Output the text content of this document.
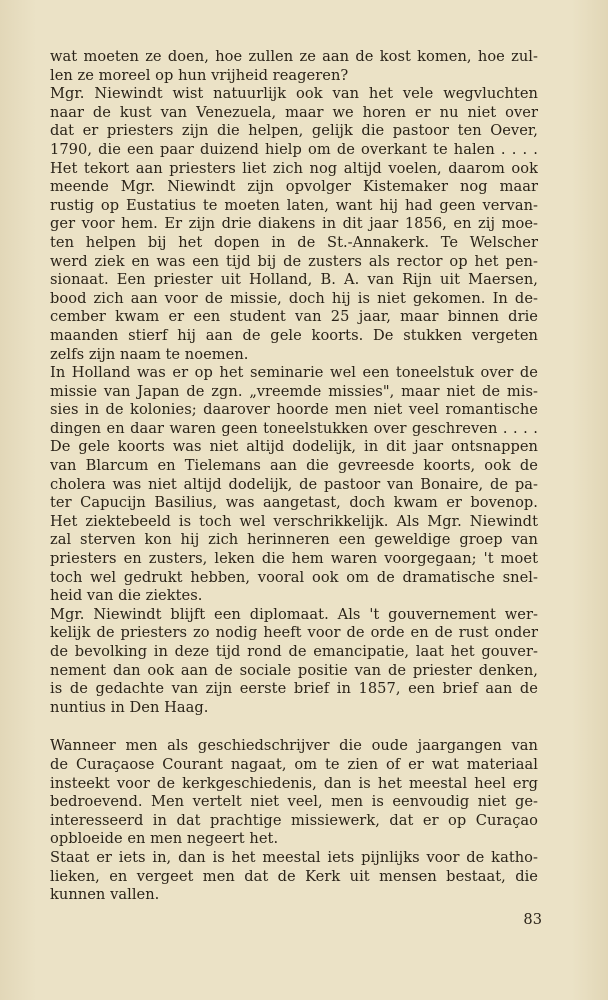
wat moeten ze doen, hoe zullen ze aan de kost komen, hoe zul-
len ze moreel op hun vrijheid reageren?
Mgr. Niewindt wist natuurlijk ook van het vele wegvluchten
naar de kust van Venezuela, maar we horen er nu niet over
dat er priesters zijn die helpen, gelijk die pastoor ten Oever,
1790, die een paar duizend hielp om de overkant te halen . . . .
Het tekort aan priesters liet zich nog altijd voelen, daarom ook
meende Mgr. Niewindt zijn opvolger Kistemaker nog maar
rustig op Eustatius te moeten laten, want hij had geen vervan-
ger voor hem. Er zijn drie diakens in dit jaar 1856, en zij moe-
ten helpen bij het dopen in de St.-Annakerk. Te Welscher
werd ziek en was een tijd bij de zusters als rector op het pen-
sionaat. Een priester uit Holland, B. A. van Rijn uit Maersen,
bood zich aan voor de missie, doch hij is niet gekomen. In de-
cember kwam er een student van 25 jaar, maar binnen drie
maanden stierf hij aan de gele koorts. De stukken vergeten
zelfs zijn naam te noemen.
In Holland was er op het seminarie wel een toneelstuk over de
missie van Japan de zgn. „vreemde missies", maar niet de mis-
sies in de kolonies; daarover hoorde men niet veel romantische
dingen en daar waren geen toneelstukken over geschreven . . . .
De gele koorts was niet altijd dodelijk, in dit jaar ontsnappen
van Blarcum en Tielemans aan die gevreesde koorts, ook de
cholera was niet altijd dodelijk, de pastoor van Bonaire, de pa-
ter Capucijn Basilius, was aangetast, doch kwam er bovenop.
Het ziektebeeld is toch wel verschrikkelijk. Als Mgr. Niewindt
zal sterven kon hij zich herinneren een geweldige groep van
priesters en zusters, leken die hem waren voorgegaan; 't moet
toch wel gedrukt hebben, vooral ook om de dramatische snel-
heid van die ziektes.
Mgr. Niewindt blijft een diplomaat. Als 't gouvernement wer-
kelijk de priesters zo nodig heeft voor de orde en de rust onder
de bevolking in deze tijd rond de emancipatie, laat het gouver-
nement dan ook aan de sociale positie van de priester denken,
is de gedachte van zijn eerste brief in 1857, een brief aan de
nuntius in Den Haag.
Wanneer men als geschiedschrijver die oude jaargangen van
de Curaçaose Courant nagaat, om te zien of er wat materiaal
insteekt voor de kerkgeschiedenis, dan is het meestal heel erg
bedroevend. Men vertelt niet veel, men is eenvoudig niet ge-
interesseerd in dat prachtige missiewerk, dat er op Curaçao
opbloeide en men negeert het.
Staat er iets in, dan is het meestal iets pijnlijks voor de katho-
lieken, en vergeet men dat de Kerk uit mensen bestaat, die
kunnen vallen.
83
